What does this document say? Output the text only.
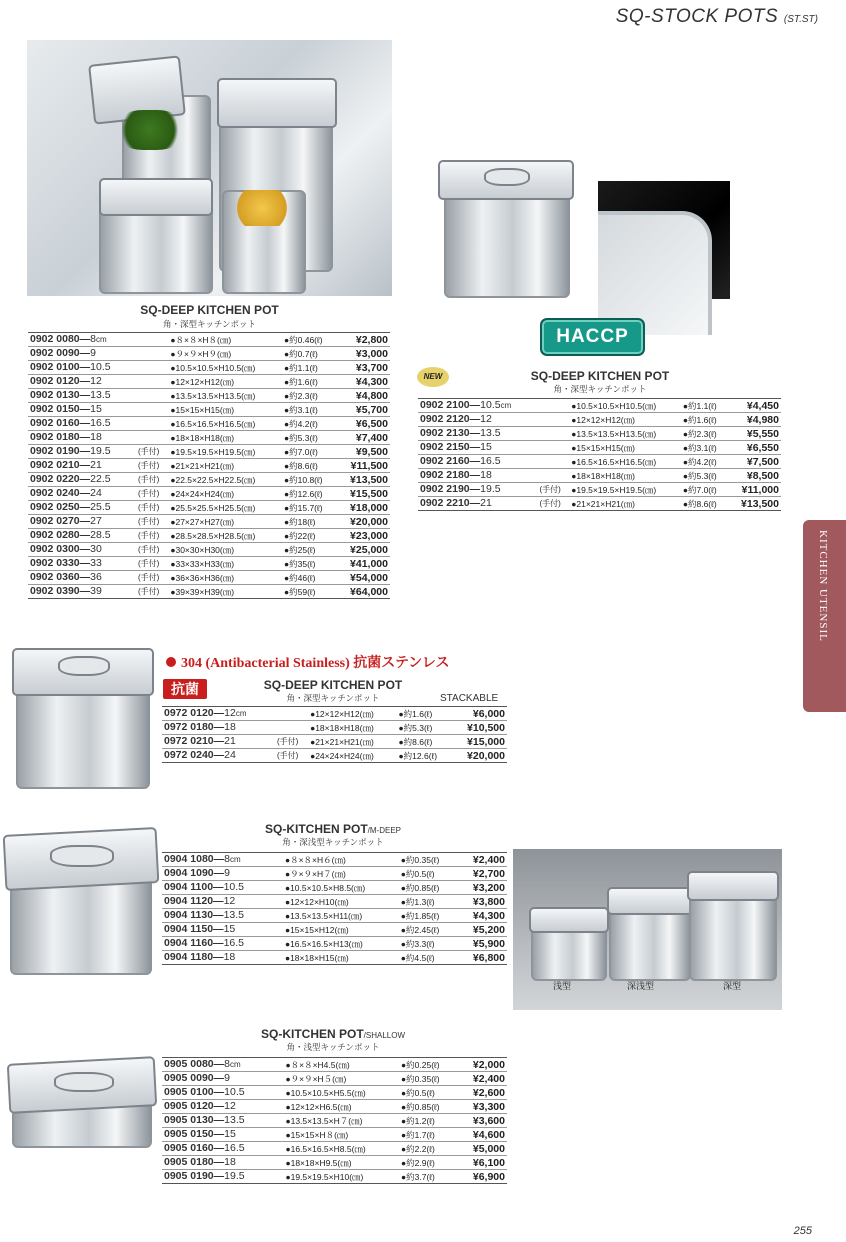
SQ-STOCK POTS (ST.ST)
SQ-DEEP KITCHEN POT
角・深型キッチンポット
0902 0080—8cm		●８×８×H８(㎝)	●約0.46(ℓ)	¥2,800
0902 0090—9		●９×９×H９(㎝)	●約0.7(ℓ)	¥3,000
0902 0100—10.5		●10.5×10.5×H10.5(㎝)	●約1.1(ℓ)	¥3,700
0902 0120—12		●12×12×H12(㎝)	●約1.6(ℓ)	¥4,300
0902 0130—13.5		●13.5×13.5×H13.5(㎝)	●約2.3(ℓ)	¥4,800
0902 0150—15		●15×15×H15(㎝)	●約3.1(ℓ)	¥5,700
0902 0160—16.5		●16.5×16.5×H16.5(㎝)	●約4.2(ℓ)	¥6,500
0902 0180—18		●18×18×H18(㎝)	●約5.3(ℓ)	¥7,400
0902 0190—19.5	(手付)	●19.5×19.5×H19.5(㎝)	●約7.0(ℓ)	¥9,500
0902 0210—21	(手付)	●21×21×H21(㎝)	●約8.6(ℓ)	¥11,500
0902 0220—22.5	(手付)	●22.5×22.5×H22.5(㎝)	●約10.8(ℓ)	¥13,500
0902 0240—24	(手付)	●24×24×H24(㎝)	●約12.6(ℓ)	¥15,500
0902 0250—25.5	(手付)	●25.5×25.5×H25.5(㎝)	●約15.7(ℓ)	¥18,000
0902 0270—27	(手付)	●27×27×H27(㎝)	●約18(ℓ)	¥20,000
0902 0280—28.5	(手付)	●28.5×28.5×H28.5(㎝)	●約22(ℓ)	¥23,000
0902 0300—30	(手付)	●30×30×H30(㎝)	●約25(ℓ)	¥25,000
0902 0330—33	(手付)	●33×33×H33(㎝)	●約35(ℓ)	¥41,000
0902 0360—36	(手付)	●36×36×H36(㎝)	●約46(ℓ)	¥54,000
0902 0390—39	(手付)	●39×39×H39(㎝)	●約59(ℓ)	¥64,000
HACCP
NEW	SQ-DEEP KITCHEN POT
角・深型キッチンポット
0902 2100—10.5cm		●10.5×10.5×H10.5(㎝)	●約1.1(ℓ)	¥4,450
0902 2120—12		●12×12×H12(㎝)	●約1.6(ℓ)	¥4,980
0902 2130—13.5		●13.5×13.5×H13.5(㎝)	●約2.3(ℓ)	¥5,550
0902 2150—15		●15×15×H15(㎝)	●約3.1(ℓ)	¥6,550
0902 2160—16.5		●16.5×16.5×H16.5(㎝)	●約4.2(ℓ)	¥7,500
0902 2180—18		●18×18×H18(㎝)	●約5.3(ℓ)	¥8,500
0902 2190—19.5	(手付)	●19.5×19.5×H19.5(㎝)	●約7.0(ℓ)	¥11,000
0902 2210—21	(手付)	●21×21×H21(㎝)	●約8.6(ℓ)	¥13,500
KITCHEN UTENSIL
304 (Antibacterial Stainless) 抗菌ステンレス
抗菌	SQ-DEEP KITCHEN POT
角・深型キッチンポット	STACKABLE
0972 0120—12cm		●12×12×H12(㎝)	●約1.6(ℓ)	¥6,000
0972 0180—18		●18×18×H18(㎝)	●約5.3(ℓ)	¥10,500
0972 0210—21	(手付)	●21×21×H21(㎝)	●約8.6(ℓ)	¥15,000
0972 0240—24	(手付)	●24×24×H24(㎝)	●約12.6(ℓ)	¥20,000
SQ-KITCHEN POT/M-DEEP
角・深浅型キッチンポット
0904 1080—8cm		●８×８×H６(㎝)	●約0.35(ℓ)	¥2,400
0904 1090—9		●９×９×H７(㎝)	●約0.5(ℓ)	¥2,700
0904 1100—10.5		●10.5×10.5×H8.5(㎝)	●約0.85(ℓ)	¥3,200
0904 1120—12		●12×12×H10(㎝)	●約1.3(ℓ)	¥3,800
0904 1130—13.5		●13.5×13.5×H11(㎝)	●約1.85(ℓ)	¥4,300
0904 1150—15		●15×15×H12(㎝)	●約2.45(ℓ)	¥5,200
0904 1160—16.5		●16.5×16.5×H13(㎝)	●約3.3(ℓ)	¥5,900
0904 1180—18		●18×18×H15(㎝)	●約4.5(ℓ)	¥6,800
浅型	深浅型	深型
SQ-KITCHEN POT/SHALLOW
角・浅型キッチンポット
0905 0080—8cm		●８×８×H4.5(㎝)	●約0.25(ℓ)	¥2,000
0905 0090—9		●９×９×H５(㎝)	●約0.35(ℓ)	¥2,400
0905 0100—10.5		●10.5×10.5×H5.5(㎝)	●約0.5(ℓ)	¥2,600
0905 0120—12		●12×12×H6.5(㎝)	●約0.85(ℓ)	¥3,300
0905 0130—13.5		●13.5×13.5×H７(㎝)	●約1.2(ℓ)	¥3,600
0905 0150—15		●15×15×H８(㎝)	●約1.7(ℓ)	¥4,600
0905 0160—16.5		●16.5×16.5×H8.5(㎝)	●約2.2(ℓ)	¥5,000
0905 0180—18		●18×18×H9.5(㎝)	●約2.9(ℓ)	¥6,100
0905 0190—19.5		●19.5×19.5×H10(㎝)	●約3.7(ℓ)	¥6,900
255
